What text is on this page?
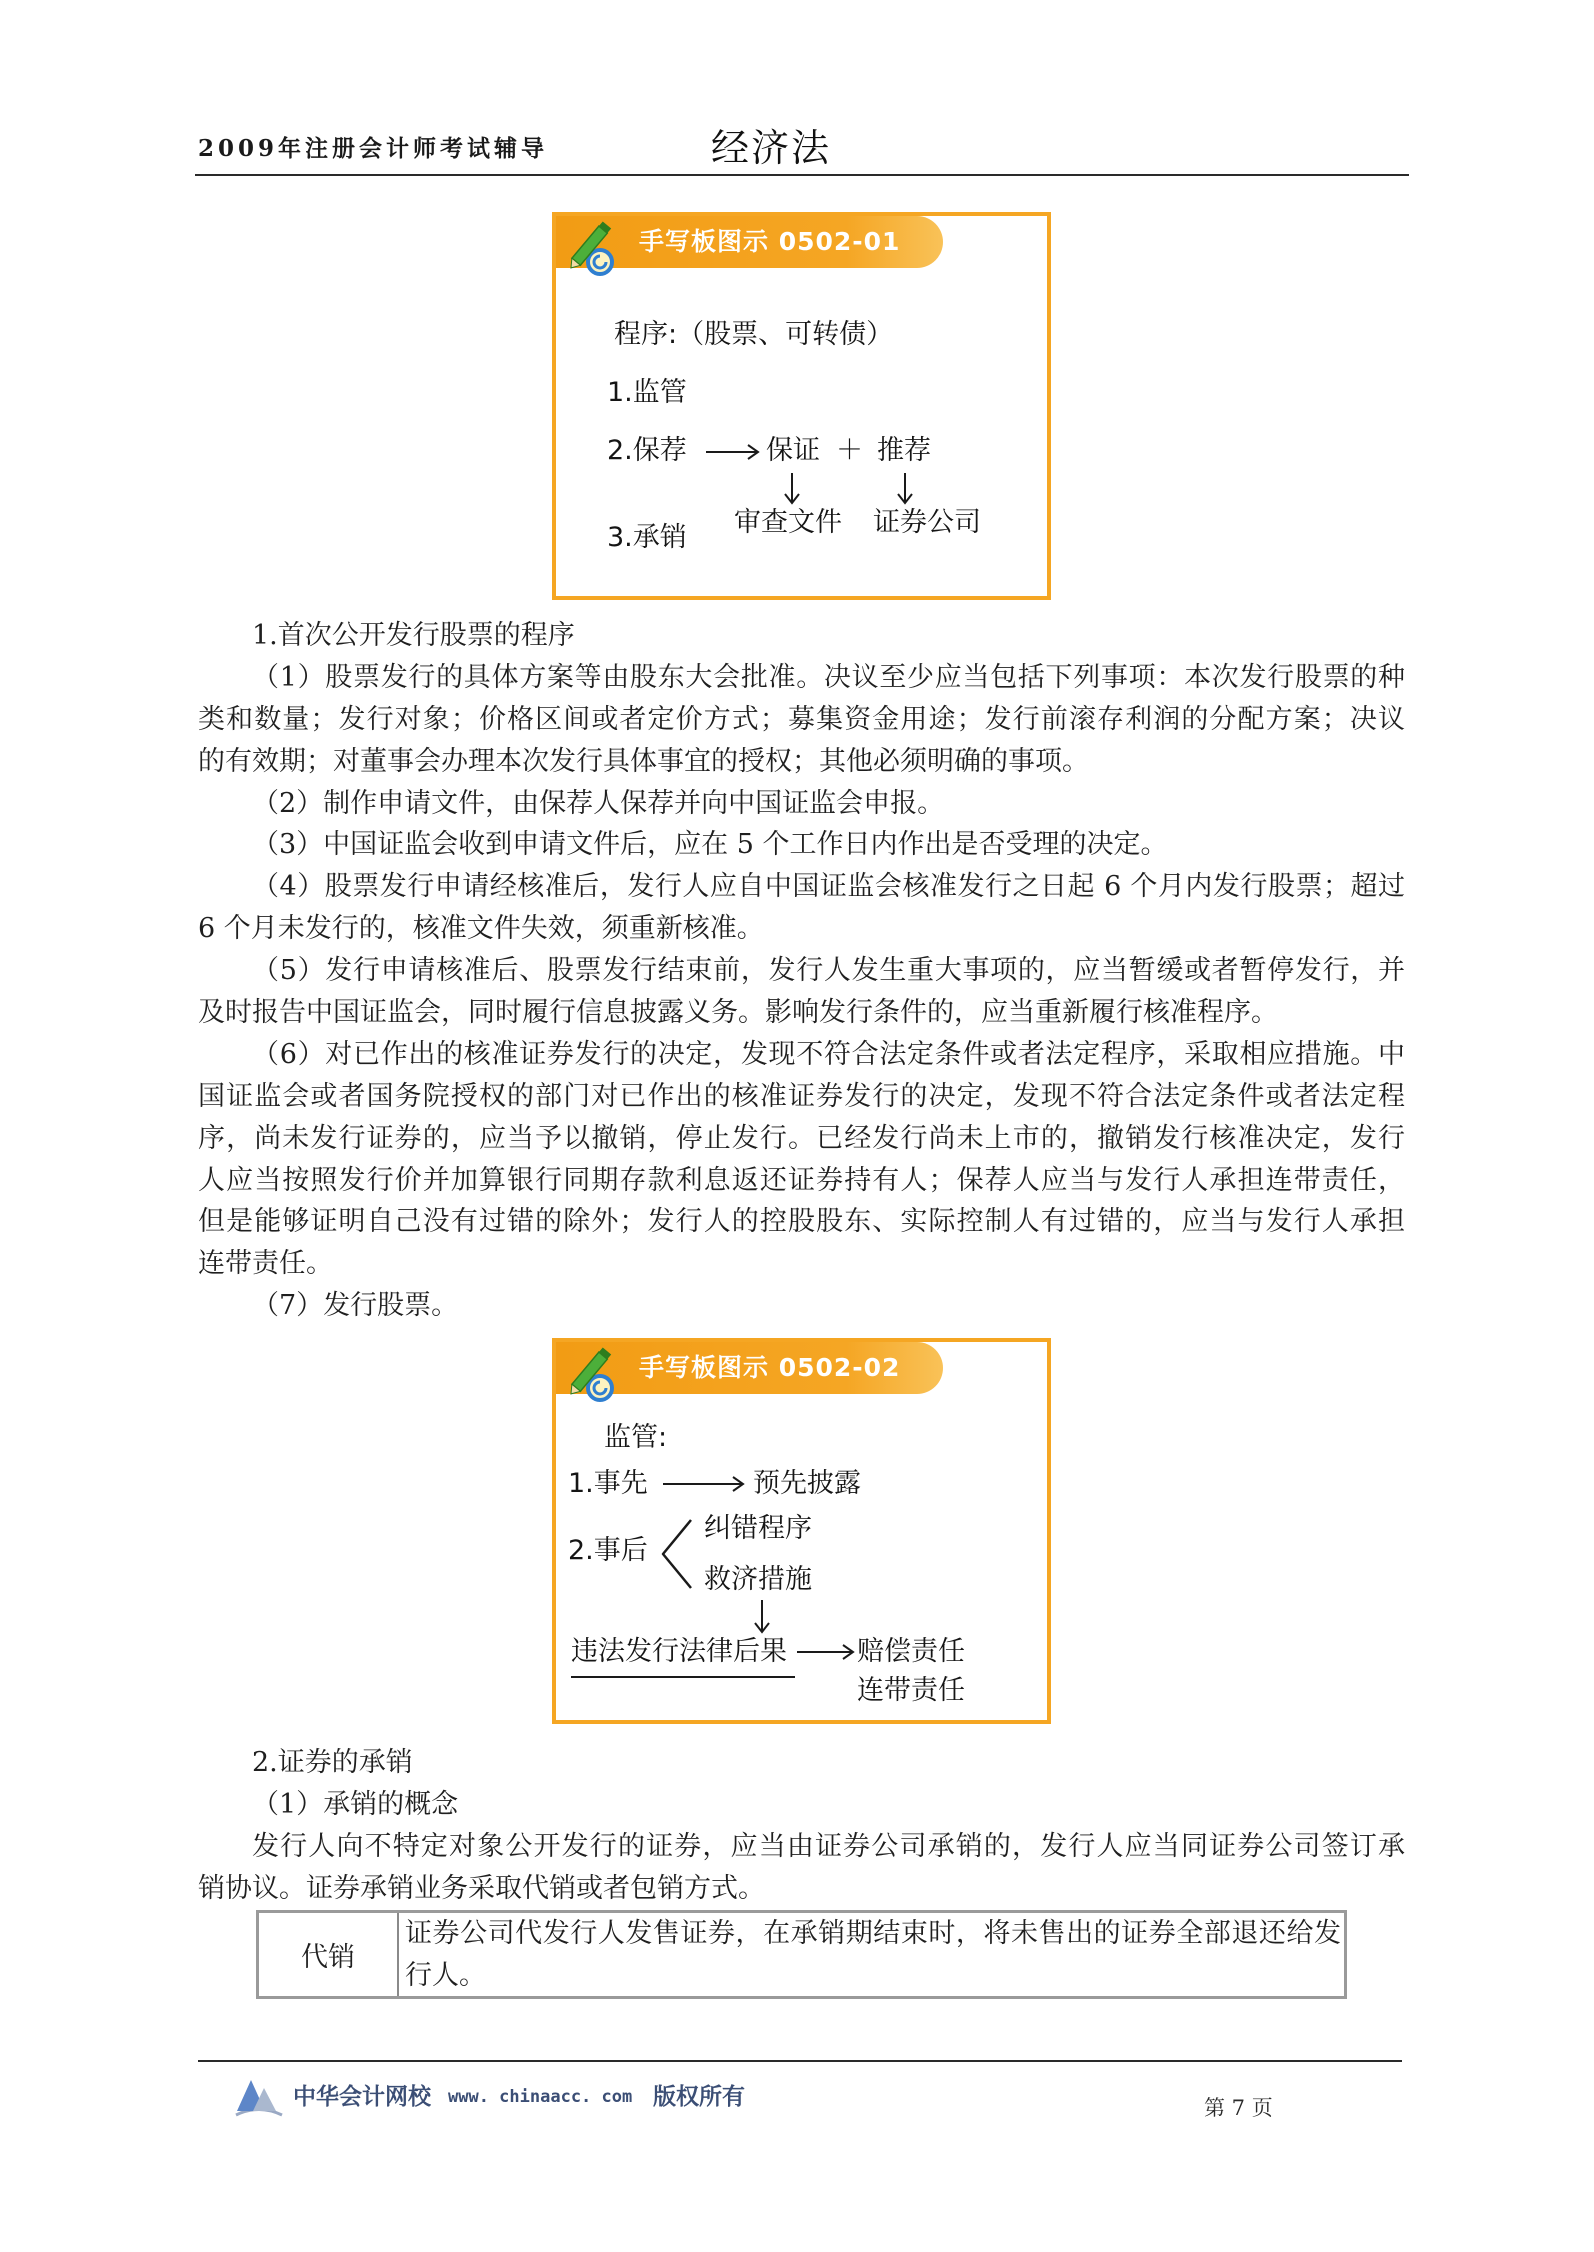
2009年注册会计师考试辅导	经济法
手写板图示 0502-01
程序:（股票、可转债）
1.监管
2.保荐	保证 ＋ 推荐
审查文件 证券公司
3.承销
1.首次公开发行股票的程序
（1）股票发行的具体方案等由股东大会批准。决议至少应当包括下列事项：本次发行股票的种
类和数量；发行对象；价格区间或者定价方式；募集资金用途；发行前滚存利润的分配方案；决议
的有效期；对董事会办理本次发行具体事宜的授权；其他必须明确的事项。
（2）制作申请文件，由保荐人保荐并向中国证监会申报。
（3）中国证监会收到申请文件后，应在 5 个工作日内作出是否受理的决定。
（4）股票发行申请经核准后，发行人应自中国证监会核准发行之日起 6 个月内发行股票；超过
6 个月未发行的，核准文件失效，须重新核准。
（5）发行申请核准后、股票发行结束前，发行人发生重大事项的，应当暂缓或者暂停发行，并
及时报告中国证监会，同时履行信息披露义务。影响发行条件的，应当重新履行核准程序。
（6）对已作出的核准证券发行的决定，发现不符合法定条件或者法定程序，采取相应措施。中
国证监会或者国务院授权的部门对已作出的核准证券发行的决定，发现不符合法定条件或者法定程
序，尚未发行证券的，应当予以撤销，停止发行。已经发行尚未上市的，撤销发行核准决定，发行
人应当按照发行价并加算银行同期存款利息返还证券持有人；保荐人应当与发行人承担连带责任，
但是能够证明自己没有过错的除外；发行人的控股股东、实际控制人有过错的，应当与发行人承担
连带责任。
（7）发行股票。
手写板图示 0502-02
监管:
1.事先	预先披露
2.事后
纠错程序
救济措施
违法发行法律后果	赔偿责任
连带责任
2.证券的承销
（1）承销的概念
发行人向不特定对象公开发行的证券，应当由证券公司承销的，发行人应当同证券公司签订承
销协议。证券承销业务采取代销或者包销方式。
代销
证券公司代发行人发售证券，在承销期结束时，将未售出的证券全部退还给发
行人。
中华会计网校 www. chinaacc. com 版权所有	第 7 页
